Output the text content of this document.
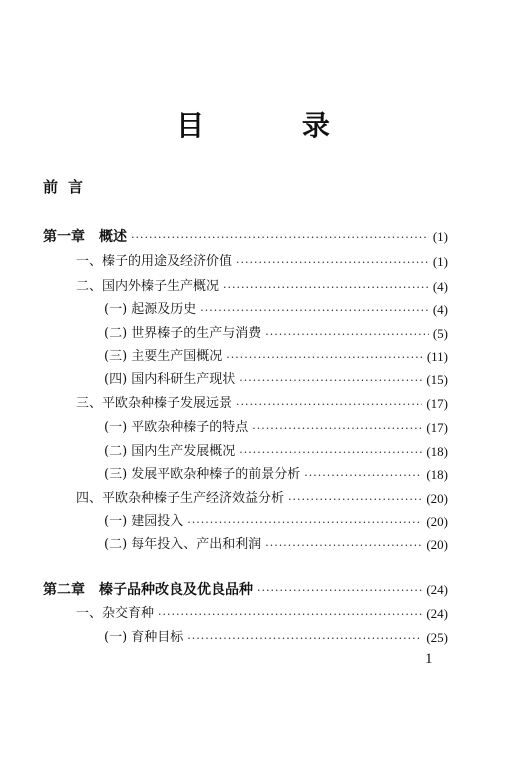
目 录
前言
第一章 概述 ·····	(1)
一、榛子的用途及经济价值 ·····	(1)
二、国内外榛子生产概况 ·····	(4)
(一) 起源及历史 ·····	(4)
(二) 世界榛子的生产与消费 ·····	(5)
(三) 主要生产国概况 ·····	(11)
(四) 国内科研生产现状 ·····	(15)
三、平欧杂种榛子发展远景 ·····	(17)
(一) 平欧杂种榛子的特点 ·····	(17)
(二) 国内生产发展概况 ·····	(18)
(三) 发展平欧杂种榛子的前景分析 ·····	(18)
四、平欧杂种榛子生产经济效益分析 ·····	(20)
(一) 建园投入 ·····	(20)
(二) 每年投入、产出和利润 ·····	(20)
第二章 榛子品种改良及优良品种 ·····	(24)
一、杂交育种 ·····	(24)
(一) 育种目标 ·····	(25)
1
